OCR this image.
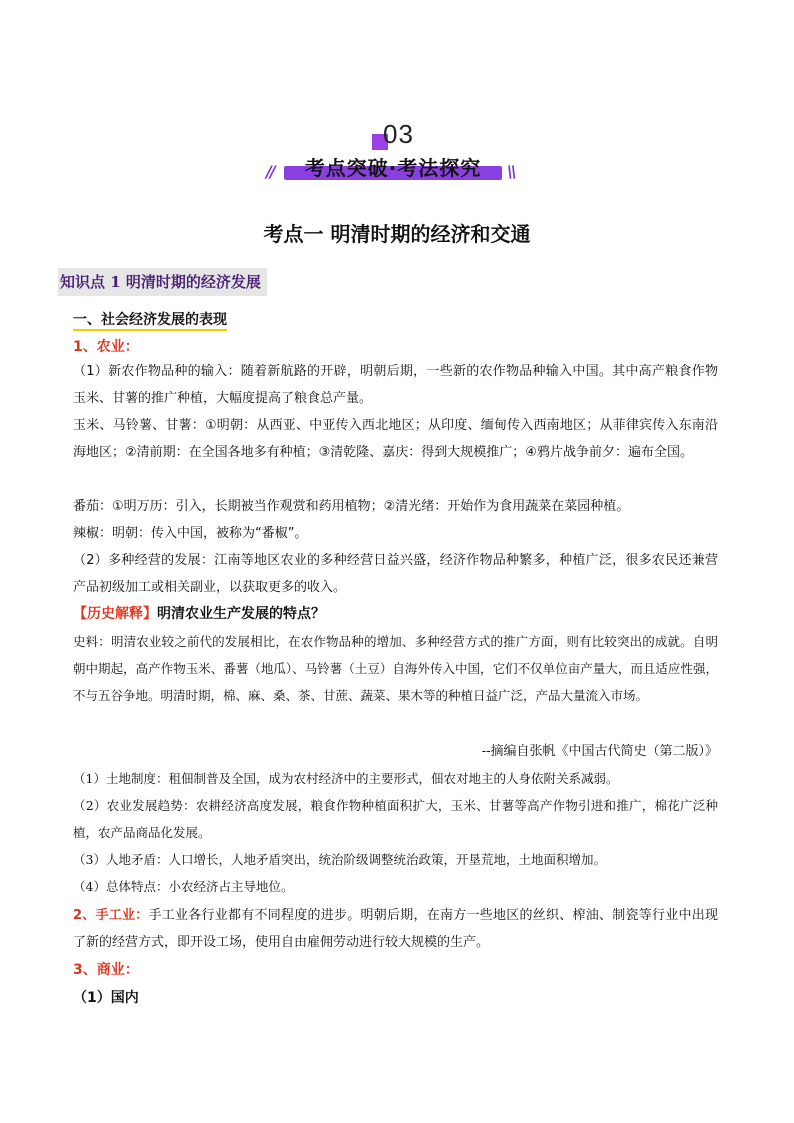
03
//	考点突破·考法探究	\\
考点一 明清时期的经济和交通
知识点 1 明清时期的经济发展
一、社会经济发展的表现
1、农业：
（1）新农作物品种的输入：随着新航路的开辟，明朝后期，一些新的农作物品种输入中国。其中高产粮食作物玉米、甘薯的推广种植，大幅度提高了粮食总产量。
玉米、马铃薯、甘薯：①明朝：从西亚、中亚传入西北地区；从印度、缅甸传入西南地区；从菲律宾传入东南沿海地区；②清前期：在全国各地多有种植；③清乾隆、嘉庆：得到大规模推广；④鸦片战争前夕：遍布全国。
番茄：①明万历：引入，长期被当作观赏和药用植物；②清光绪：开始作为食用蔬菜在菜园种植。
辣椒：明朝：传入中国，被称为“番椒”。
（2）多种经营的发展：江南等地区农业的多种经营日益兴盛，经济作物品种繁多，种植广泛，很多农民还兼营产品初级加工或相关副业，以获取更多的收入。
【历史解释】明清农业生产发展的特点？
史料：明清农业较之前代的发展相比，在农作物品种的增加、多种经营方式的推广方面，则有比较突出的成就。自明朝中期起，高产作物玉米、番薯（地瓜）、马铃薯（土豆）自海外传入中国，它们不仅单位亩产量大，而且适应性强，不与五谷争地。明清时期，棉、麻、桑、茶、甘蔗、蔬菜、果木等的种植日益广泛，产品大量流入市场。
--摘编自张帆《中国古代简史（第二版）》
（1）土地制度：租佃制普及全国，成为农村经济中的主要形式，佃农对地主的人身依附关系减弱。
（2）农业发展趋势：农耕经济高度发展，粮食作物种植面积扩大，玉米、甘薯等高产作物引进和推广，棉花广泛种植，农产品商品化发展。
（3）人地矛盾：人口增长，人地矛盾突出，统治阶级调整统治政策，开垦荒地，土地面积增加。
（4）总体特点：小农经济占主导地位。
2、手工业：手工业各行业都有不同程度的进步。明朝后期，在南方一些地区的丝织、榨油、制瓷等行业中出现了新的经营方式，即开设工场，使用自由雇佣劳动进行较大规模的生产。
3、商业：
（1）国内
